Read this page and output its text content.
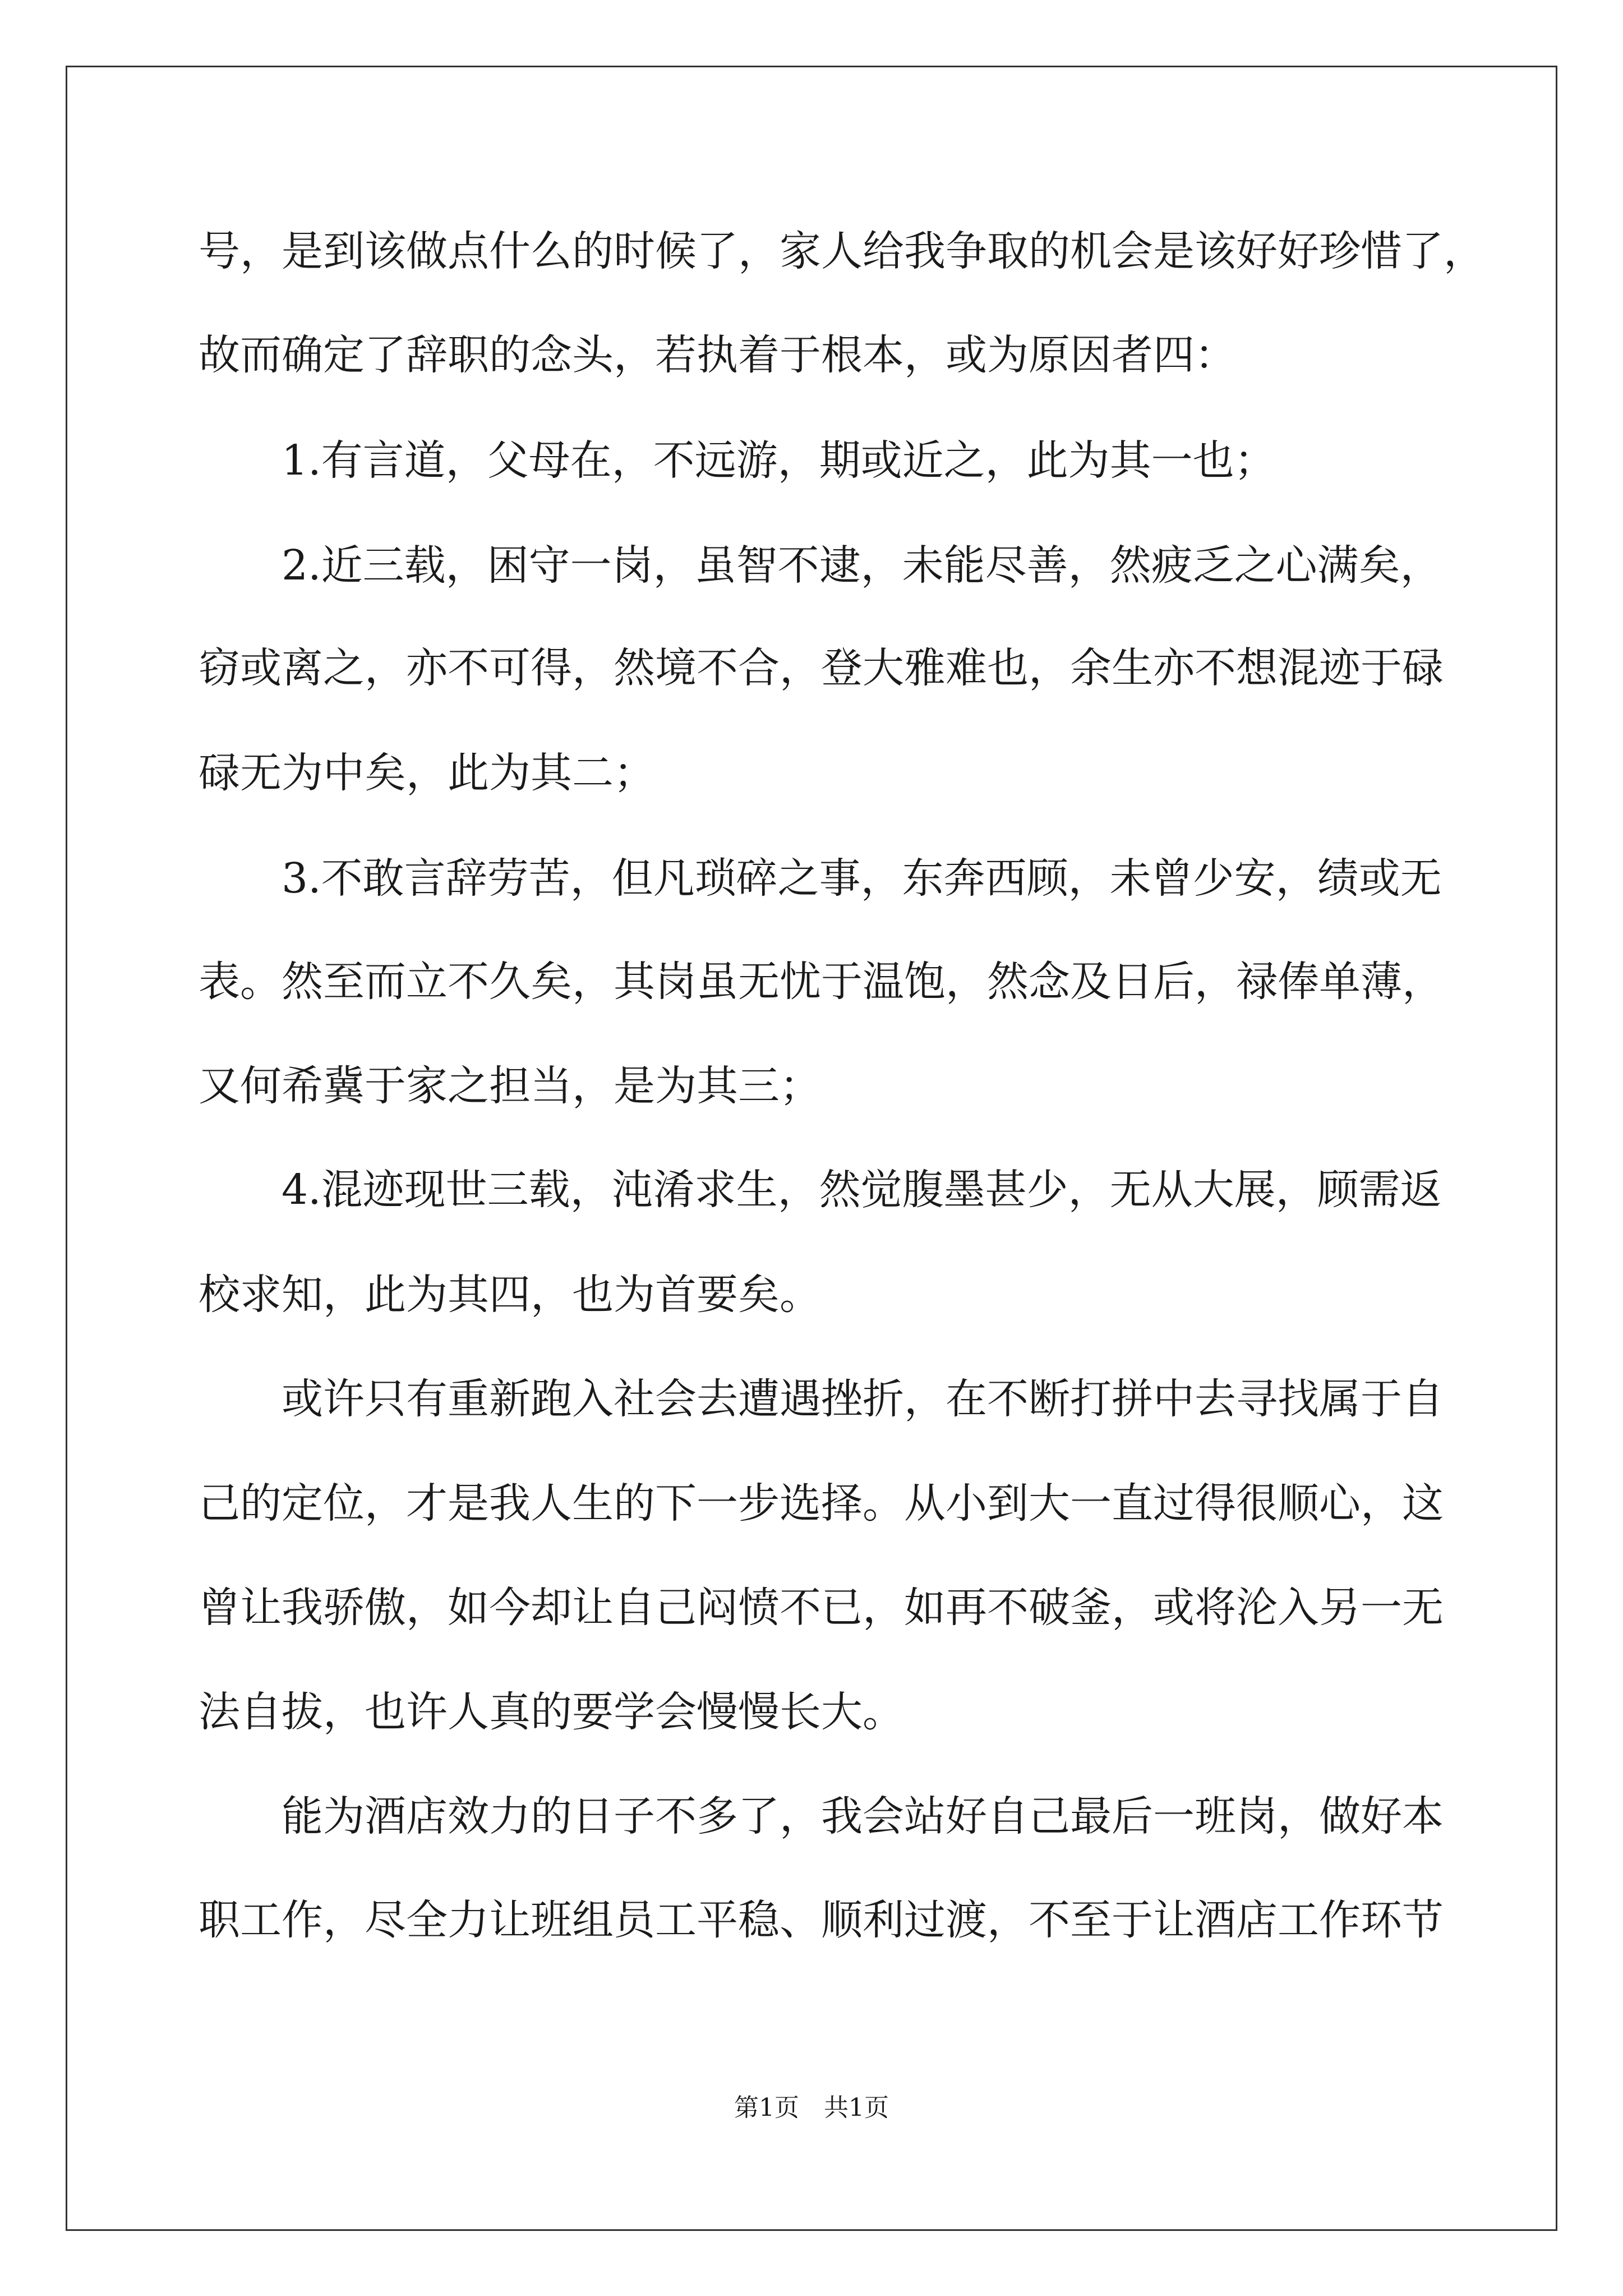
号，是到该做点什么的时候了，家人给我争取的机会是该好好珍惜了，
故而确定了辞职的念头，若执着于根本，或为原因者四：
　　1.有言道，父母在，不远游，期或近之，此为其一也；
　　2.近三载，困守一岗，虽智不逮，未能尽善，然疲乏之心满矣，
窃或离之，亦不可得，然境不合，登大雅难也，余生亦不想混迹于碌
碌无为中矣，此为其二；
　　3.不敢言辞劳苦，但凡琐碎之事，东奔西顾，未曾少安，绩或无
表。然至而立不久矣，其岗虽无忧于温饱，然念及日后，禄俸单薄，
又何希冀于家之担当，是为其三；
　　4.混迹现世三载，沌淆求生，然觉腹墨甚少，无从大展，顾需返
校求知，此为其四，也为首要矣。
　　或许只有重新跑入社会去遭遇挫折，在不断打拼中去寻找属于自
己的定位，才是我人生的下一步选择。从小到大一直过得很顺心，这
曾让我骄傲，如今却让自己闷愤不已，如再不破釜，或将沦入另一无
法自拔，也许人真的要学会慢慢长大。
　　能为酒店效力的日子不多了，我会站好自己最后一班岗，做好本
职工作，尽全力让班组员工平稳、顺利过渡，不至于让酒店工作环节
第1页　共1页
